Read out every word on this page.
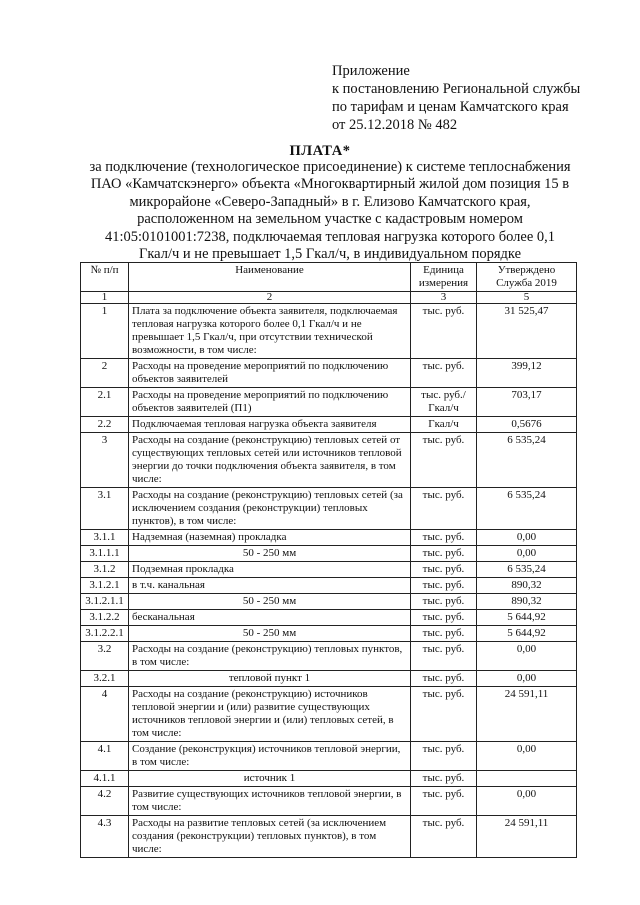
Приложение
к постановлению Региональной службы
по тарифам и ценам Камчатского края
от 25.12.2018 № 482
ПЛАТА*
за подключение (технологическое присоединение) к системе теплоснабжения
ПАО «Камчатскэнерго» объекта «Многоквартирный жилой дом позиция 15 в
микрорайоне «Северо-Западный» в г. Елизово Камчатского края,
расположенном на земельном участке с кадастровым номером
41:05:0101001:7238, подключаемая тепловая нагрузка которого более 0,1
Гкал/ч и не превышает 1,5 Гкал/ч, в индивидуальном порядке
№ п/п	Наименование	Единица измерения	Утверждено Служба 2019
1	2	3	5
1	Плата за подключение объекта заявителя, подключаемая тепловая нагрузка которого более 0,1 Гкал/ч и не превышает 1,5 Гкал/ч, при отсутствии технической возможности, в том числе:	тыс. руб.	31 525,47
2	Расходы на проведение мероприятий по подключению объектов заявителей	тыс. руб.	399,12
2.1	Расходы на проведение мероприятий по подключению объектов заявителей (П1)	тыс. руб./ Гкал/ч	703,17
2.2	Подключаемая тепловая нагрузка объекта заявителя	Гкал/ч	0,5676
3	Расходы на создание (реконструкцию) тепловых сетей от существующих тепловых сетей или источников тепловой энергии до точки подключения объекта заявителя, в том числе:	тыс. руб.	6 535,24
3.1	Расходы на создание (реконструкцию) тепловых сетей (за исключением создания (реконструкции) тепловых пунктов), в том числе:	тыс. руб.	6 535,24
3.1.1	Надземная (наземная) прокладка	тыс. руб.	0,00
3.1.1.1	50 - 250 мм	тыс. руб.	0,00
3.1.2	Подземная прокладка	тыс. руб.	6 535,24
3.1.2.1	в т.ч. канальная	тыс. руб.	890,32
3.1.2.1.1	50 - 250 мм	тыс. руб.	890,32
3.1.2.2	бесканальная	тыс. руб.	5 644,92
3.1.2.2.1	50 - 250 мм	тыс. руб.	5 644,92
3.2	Расходы на создание (реконструкцию) тепловых пунктов, в том числе:	тыс. руб.	0,00
3.2.1	тепловой пункт 1	тыс. руб.	0,00
4	Расходы на создание (реконструкцию) источников тепловой энергии и (или) развитие существующих источников тепловой энергии и (или) тепловых сетей, в том числе:	тыс. руб.	24 591,11
4.1	Создание (реконструкция) источников тепловой энергии, в том числе:	тыс. руб.	0,00
4.1.1	источник 1	тыс. руб.	
4.2	Развитие существующих источников тепловой энергии, в том числе:	тыс. руб.	0,00
4.3	Расходы на развитие тепловых сетей (за исключением создания (реконструкции) тепловых пунктов), в том числе:	тыс. руб.	24 591,11
